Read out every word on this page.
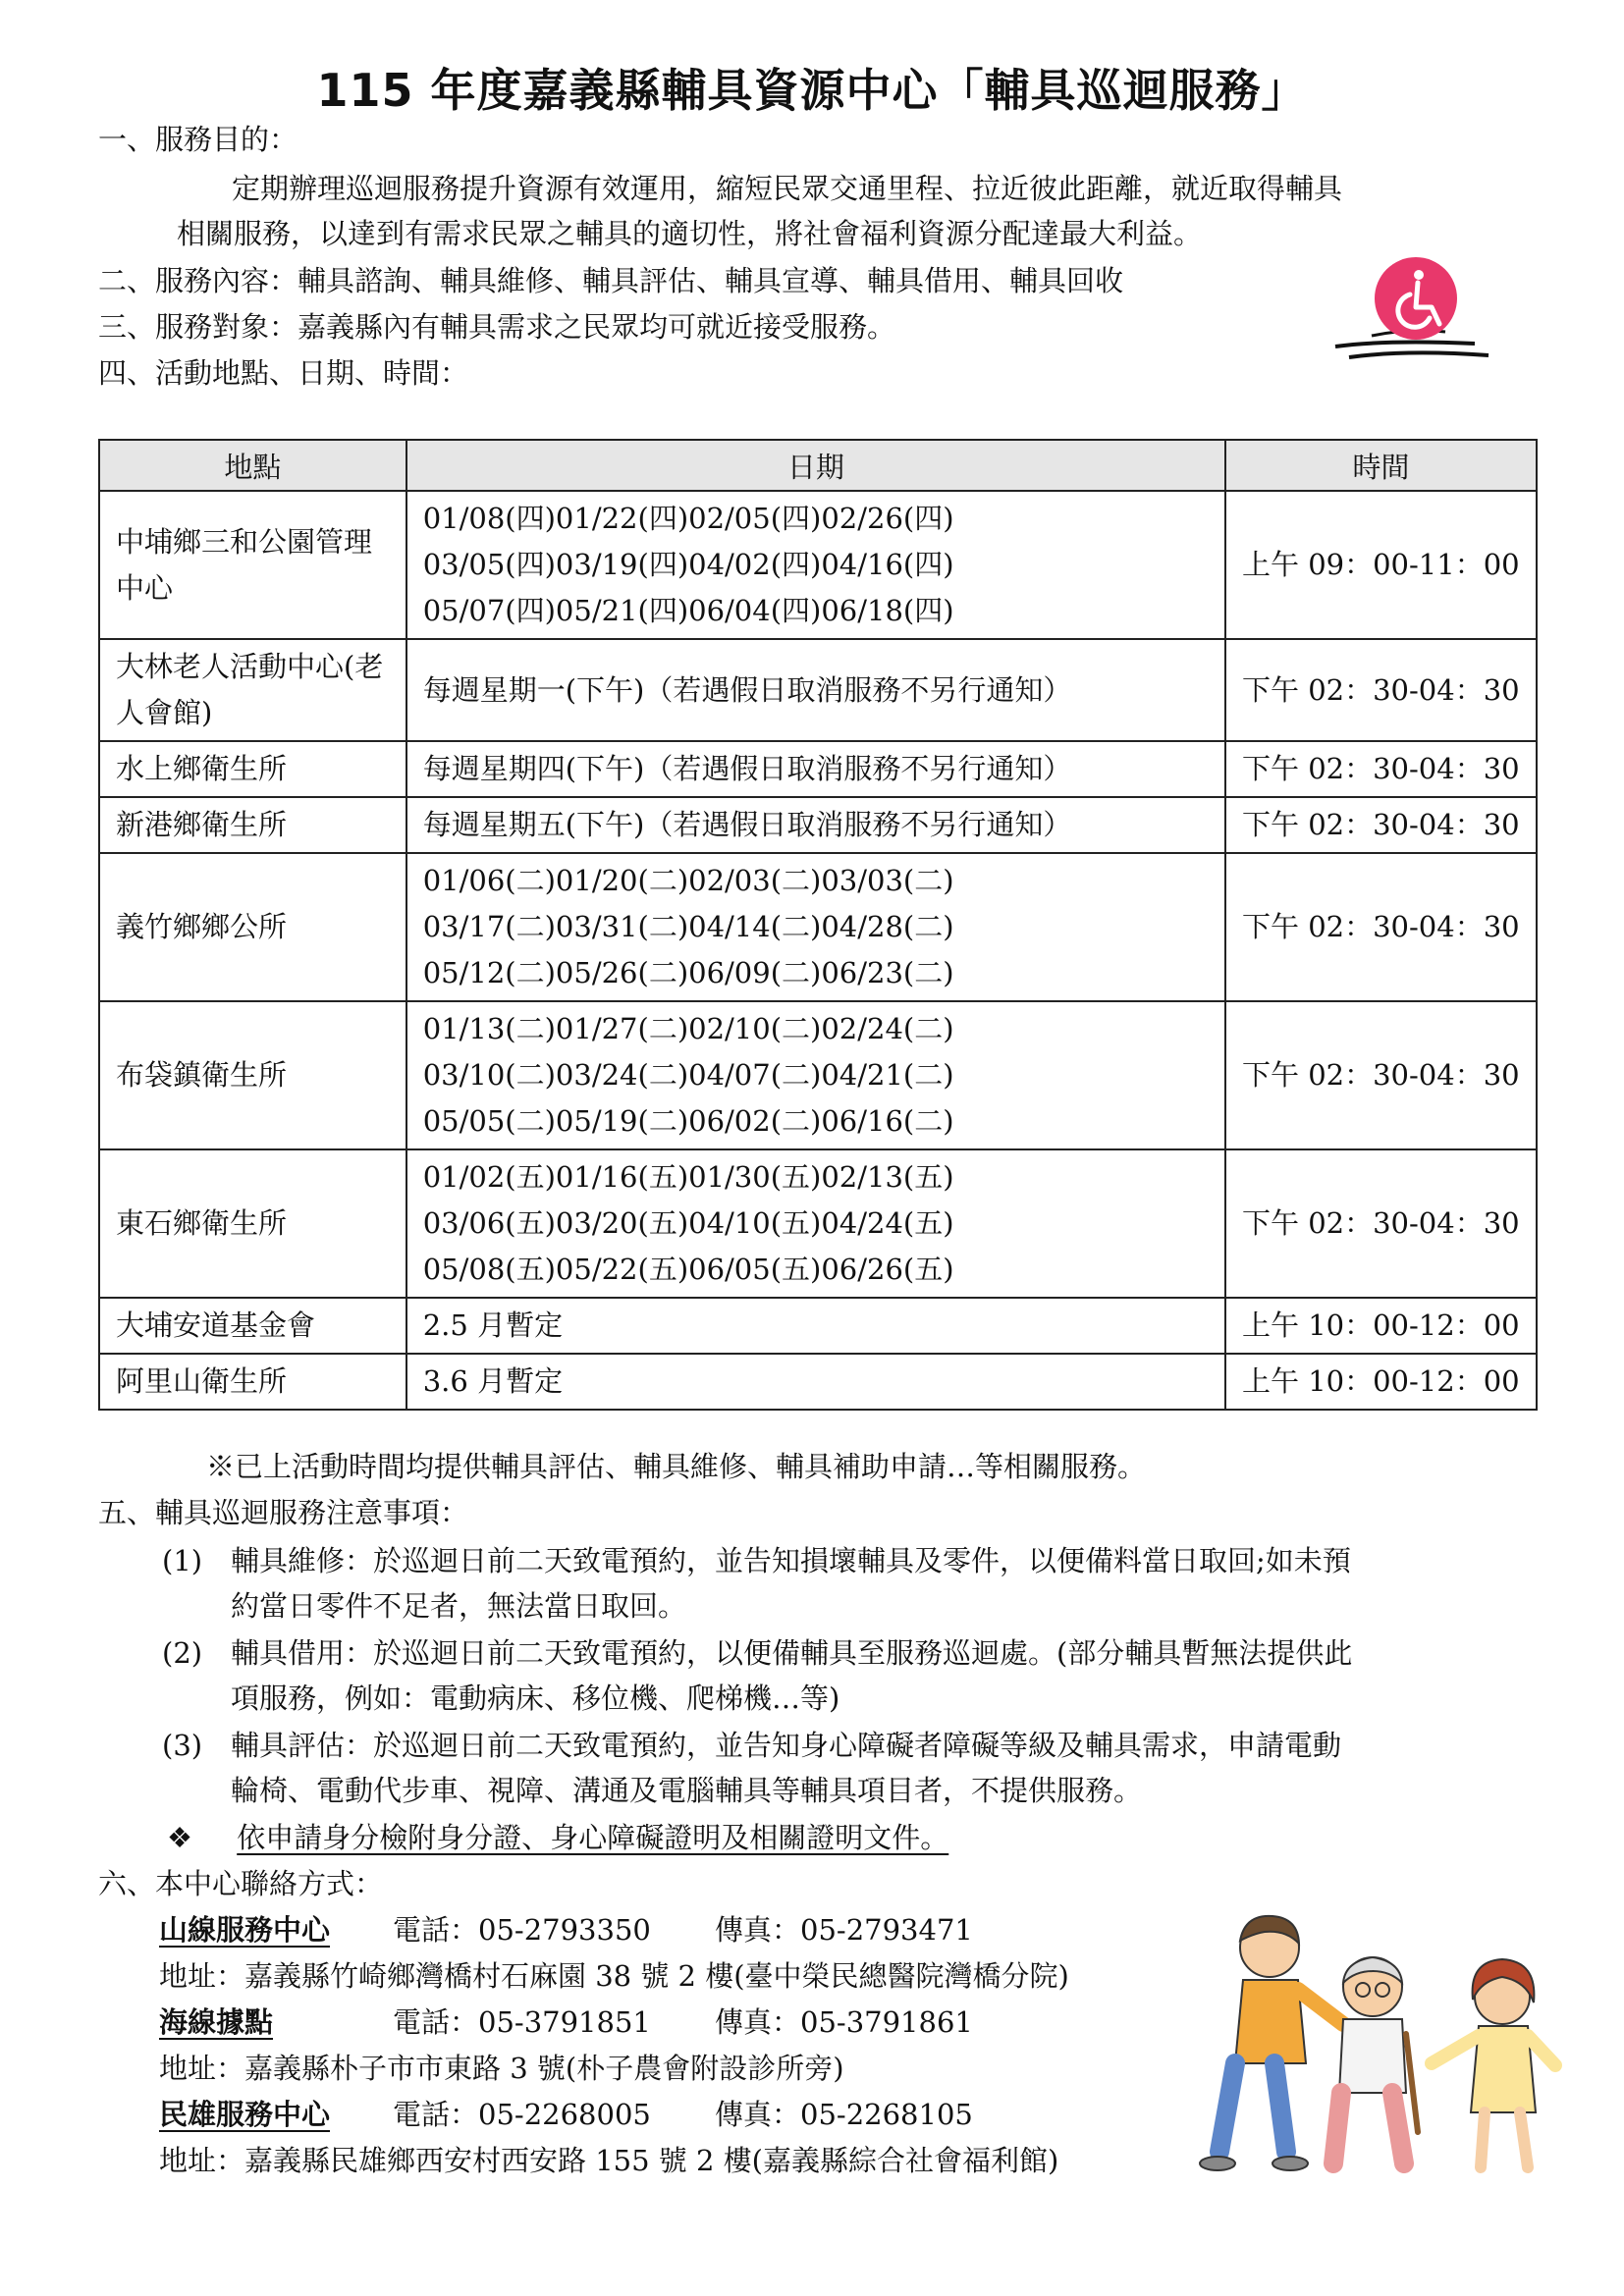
115 年度嘉義縣輔具資源中心「輔具巡迴服務」
一、服務目的：
定期辦理巡迴服務提升資源有效運用，縮短民眾交通里程、拉近彼此距離，就近取得輔具
相關服務，以達到有需求民眾之輔具的適切性，將社會福利資源分配達最大利益。
二、服務內容：輔具諮詢、輔具維修、輔具評估、輔具宣導、輔具借用、輔具回收
三、服務對象：嘉義縣內有輔具需求之民眾均可就近接受服務。
四、活動地點、日期、時間：
地點	日期	時間
中埔鄉三和公園管理中心	01/08(四)01/22(四)02/05(四)02/26(四)
03/05(四)03/19(四)04/02(四)04/16(四)
05/07(四)05/21(四)06/04(四)06/18(四)	上午 09：00-11：00
大林老人活動中心(老人會館)	每週星期一(下午)（若遇假日取消服務不另行通知）	下午 02：30-04：30
水上鄉衛生所	每週星期四(下午)（若遇假日取消服務不另行通知）	下午 02：30-04：30
新港鄉衛生所	每週星期五(下午)（若遇假日取消服務不另行通知）	下午 02：30-04：30
義竹鄉鄉公所	01/06(二)01/20(二)02/03(二)03/03(二)
03/17(二)03/31(二)04/14(二)04/28(二)
05/12(二)05/26(二)06/09(二)06/23(二)	下午 02：30-04：30
布袋鎮衛生所	01/13(二)01/27(二)02/10(二)02/24(二)
03/10(二)03/24(二)04/07(二)04/21(二)
05/05(二)05/19(二)06/02(二)06/16(二)	下午 02：30-04：30
東石鄉衛生所	01/02(五)01/16(五)01/30(五)02/13(五)
03/06(五)03/20(五)04/10(五)04/24(五)
05/08(五)05/22(五)06/05(五)06/26(五)	下午 02：30-04：30
大埔安道基金會	2.5 月暫定	上午 10：00-12：00
阿里山衛生所	3.6 月暫定	上午 10：00-12：00
※已上活動時間均提供輔具評估、輔具維修、輔具補助申請…等相關服務。
五、輔具巡迴服務注意事項：
(1) 輔具維修：於巡迴日前二天致電預約，並告知損壞輔具及零件，以便備料當日取回;如未預
約當日零件不足者，無法當日取回。
(2) 輔具借用：於巡迴日前二天致電預約，以便備輔具至服務巡迴處。(部分輔具暫無法提供此
項服務，例如：電動病床、移位機、爬梯機…等)
(3) 輔具評估：於巡迴日前二天致電預約，並告知身心障礙者障礙等級及輔具需求，申請電動
輪椅、電動代步車、視障、溝通及電腦輔具等輔具項目者，不提供服務。
❖ 依申請身分檢附身分證、身心障礙證明及相關證明文件。
六、本中心聯絡方式：
山線服務中心 電話：05-2793350 傳真：05-2793471
地址：嘉義縣竹崎鄉灣橋村石麻園 38 號 2 樓(臺中榮民總醫院灣橋分院)
海線據點	電話：05-3791851 傳真：05-3791861
地址：嘉義縣朴子市市東路 3 號(朴子農會附設診所旁)
民雄服務中心 電話：05-2268005 傳真：05-2268105
地址：嘉義縣民雄鄉西安村西安路 155 號 2 樓(嘉義縣綜合社會福利館)
